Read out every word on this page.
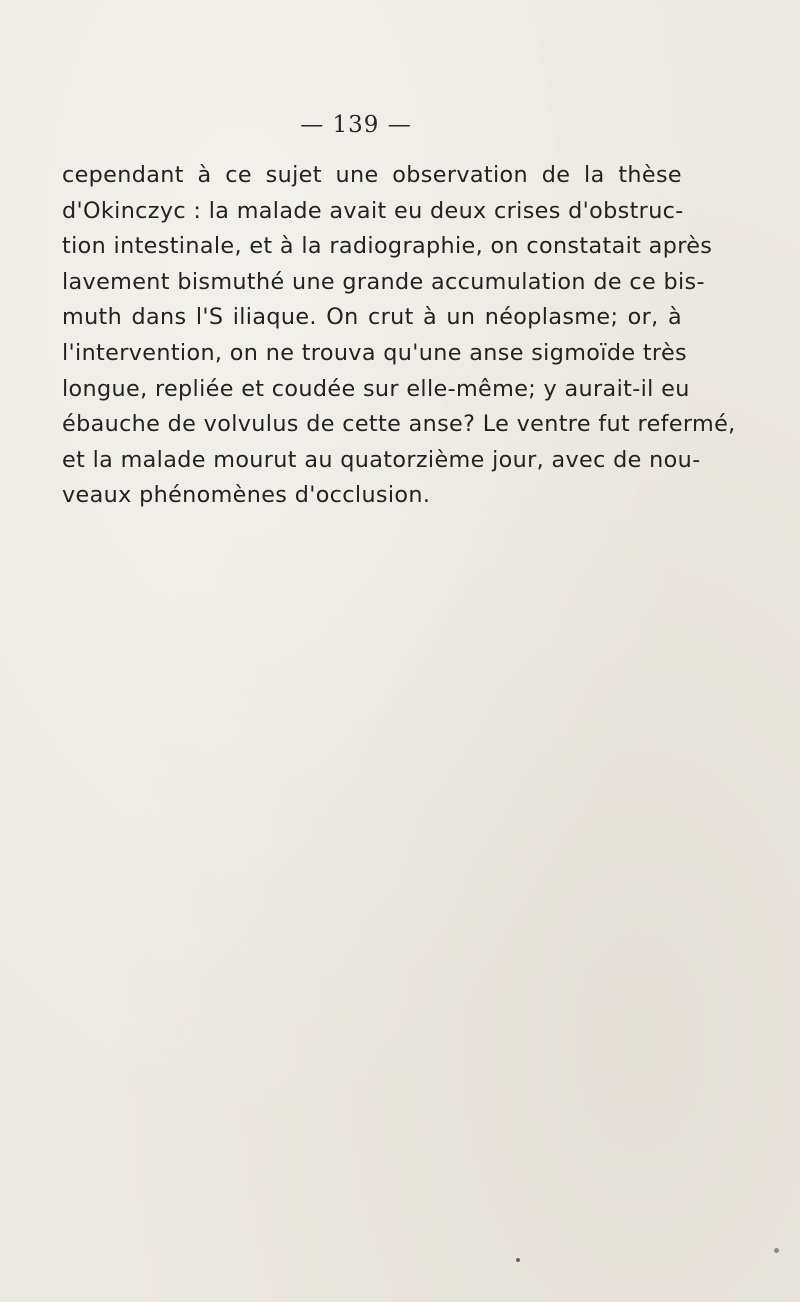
— 139 —
cependant à ce sujet une observation de la thèse
d'Okinczyc : la malade avait eu deux crises d'obstruc-
tion intestinale, et à la radiographie, on constatait après
lavement bismuthé une grande accumulation de ce bis-
muth dans l'S iliaque. On crut à un néoplasme; or, à
l'intervention, on ne trouva qu'une anse sigmoïde très
longue, repliée et coudée sur elle-même; y aurait-il eu
ébauche de volvulus de cette anse? Le ventre fut refermé,
et la malade mourut au quatorzième jour, avec de nou-
veaux phénomènes d'occlusion.
